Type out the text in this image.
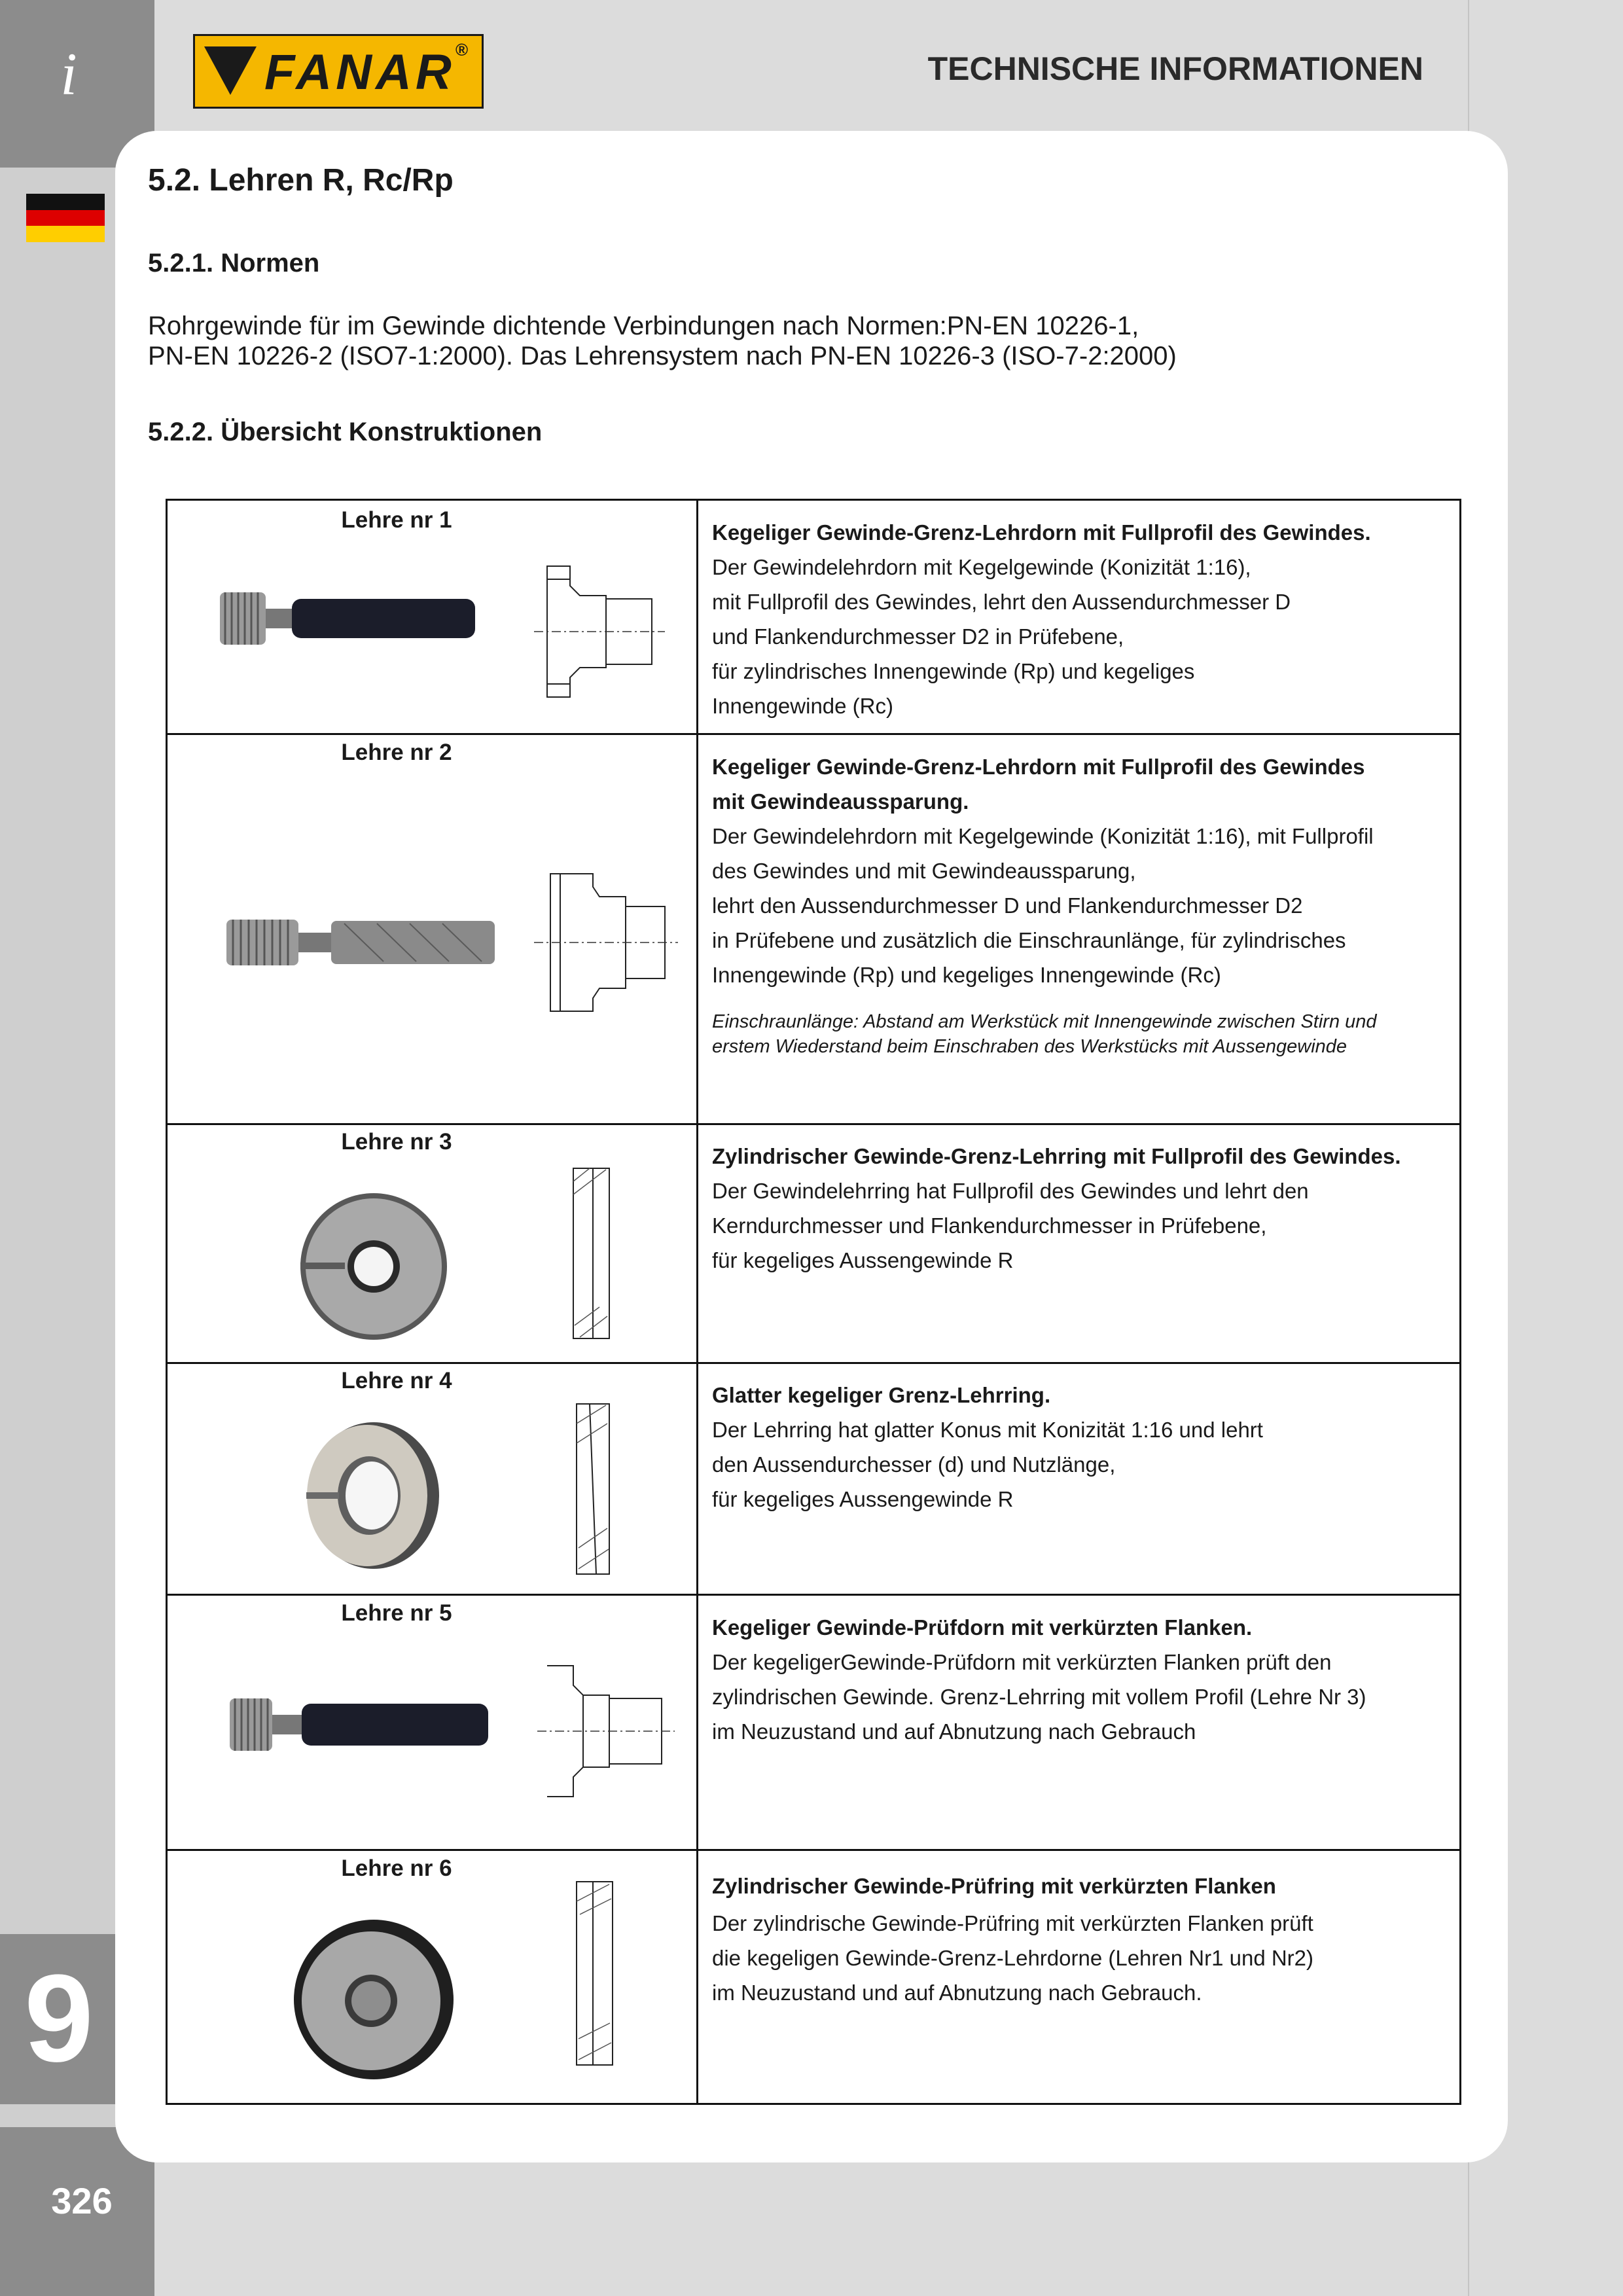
i
9
326
FANAR ®
TECHNISCHE INFORMATIONEN
5.2. Lehren R, Rc/Rp
5.2.1. Normen
Rohrgewinde für im Gewinde dichtende Verbindungen nach Normen:PN-EN 10226-1,
PN-EN 10226-2 (ISO7-1:2000). Das Lehrensystem nach PN-EN 10226-3 (ISO-7-2:2000)
5.2.2. Übersicht Konstruktionen
Lehre nr 1	Kegeliger Gewinde-Grenz-Lehrdorn mit Fullprofil des Gewindes.
Der Gewindelehrdorn mit Kegelgewinde (Konizität 1:16),
mit Fullprofil des Gewindes, lehrt den Aussendurchmesser D
und Flankendurchmesser D2 in Prüfebene,
für zylindrisches Innengewinde (Rp) und kegeliges
Innengewinde (Rc)
Lehre nr 2
Kegeliger Gewinde-Grenz-Lehrdorn mit Fullprofil des Gewindes
mit Gewindeaussparung.
Der Gewindelehrdorn mit Kegelgewinde (Konizität 1:16), mit Fullprofil
des Gewindes und mit Gewindeaussparung,
lehrt den Aussendurchmesser D und Flankendurchmesser D2
in Prüfebene und zusätzlich die Einschraunlänge, für zylindrisches
Innengewinde (Rp) und kegeliges Innengewinde (Rc)
Einschraunlänge: Abstand am Werkstück mit Innengewinde zwischen Stirn und
erstem Wiederstand beim Einschraben des Werkstücks mit Aussengewinde
Lehre nr 3
Zylindrischer Gewinde-Grenz-Lehrring mit Fullprofil des Gewindes.
Der Gewindelehrring hat Fullprofil des Gewindes und lehrt den
Kerndurchmesser und Flankendurchmesser in Prüfebene,
für kegeliges Aussengewinde R
Lehre nr 4
Glatter kegeliger Grenz-Lehrring.
Der Lehrring hat glatter Konus mit Konizität 1:16 und lehrt
den Aussendurchesser (d) und Nutzlänge,
für kegeliges Aussengewinde R
Lehre nr 5
Kegeliger Gewinde-Prüfdorn mit verkürzten Flanken.
Der kegeligerGewinde-Prüfdorn mit verkürzten Flanken prüft den
zylindrischen Gewinde. Grenz-Lehrring mit vollem Profil (Lehre Nr 3)
im Neuzustand und auf Abnutzung nach Gebrauch
Lehre nr 6
Zylindrischer Gewinde-Prüfring mit verkürzten Flanken
Der zylindrische Gewinde-Prüfring mit verkürzten Flanken prüft
die kegeligen Gewinde-Grenz-Lehrdorne (Lehren Nr1 und Nr2)
im Neuzustand und auf Abnutzung nach Gebrauch.
